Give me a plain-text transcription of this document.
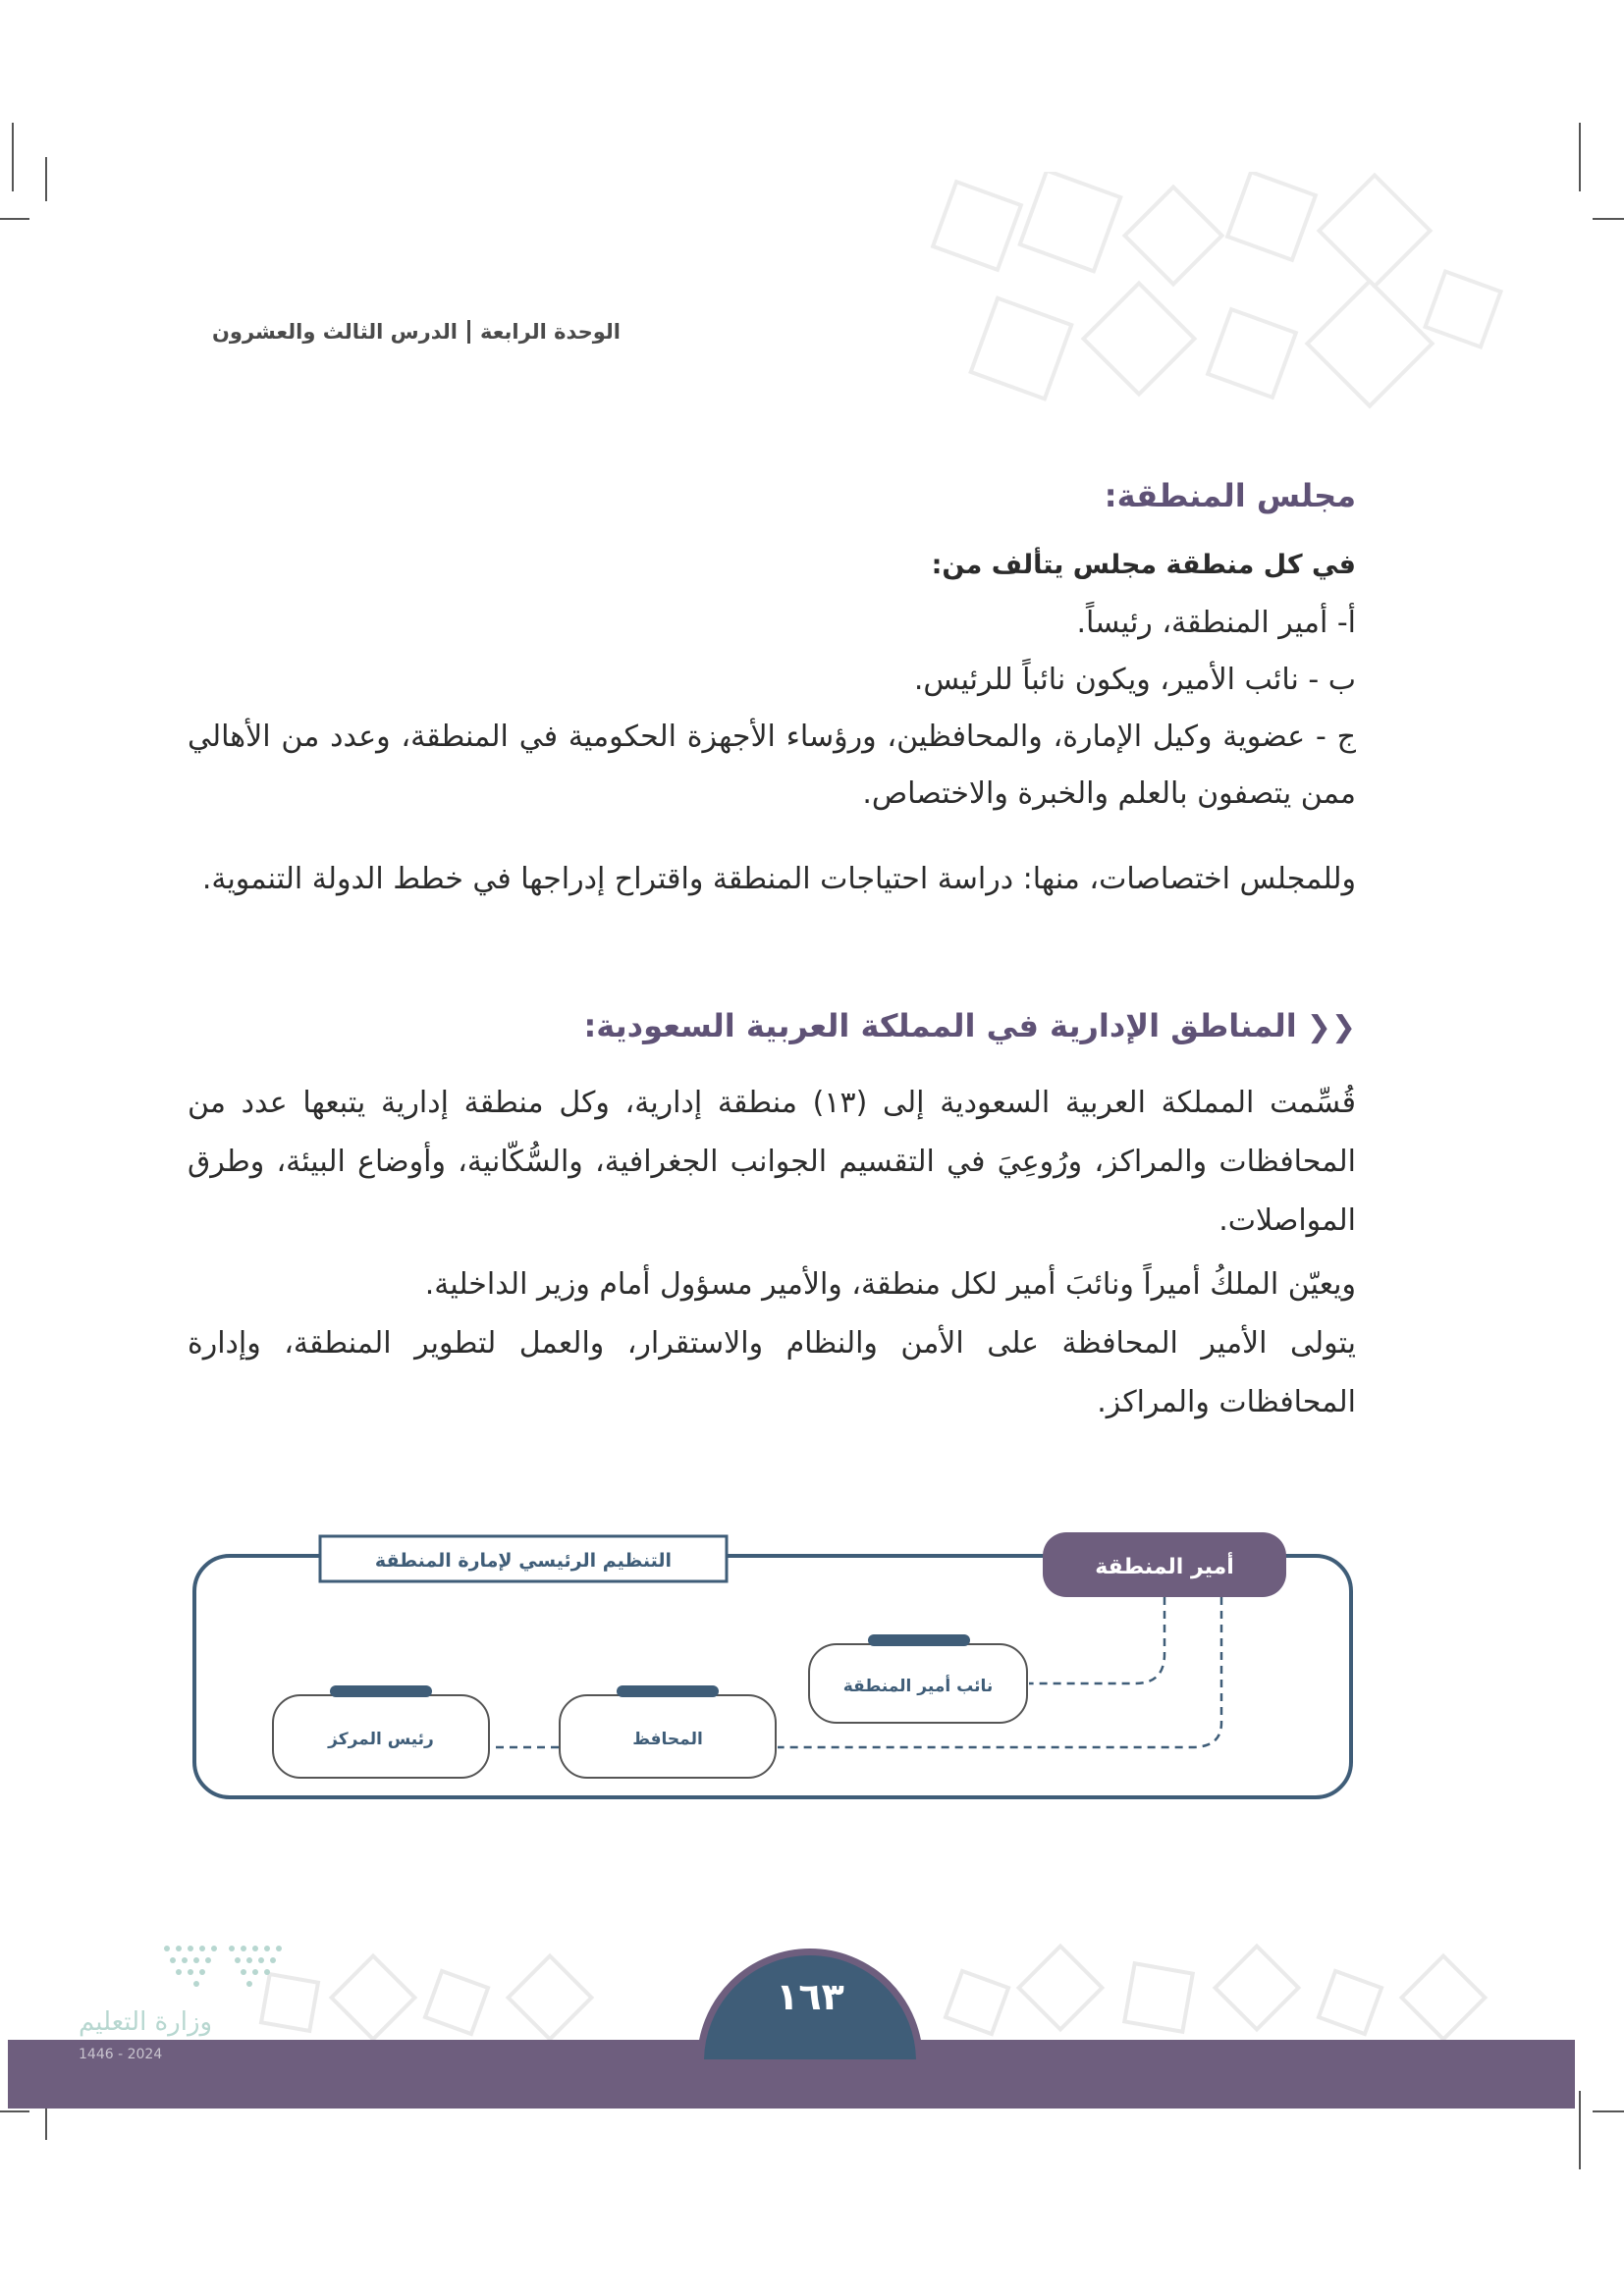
الوحدة الرابعةالدرس الثالث والعشرون
مجلس المنطقة:
في كل منطقة مجلس يتألف من:
أ- أمير المنطقة، رئيساً.
ب - نائب الأمير، ويكون نائباً للرئيس.
ج - عضوية وكيل الإمارة، والمحافظين، ورؤساء الأجهزة الحكومية في المنطقة، وعدد من الأهالي ممن يتصفون بالعلم والخبرة والاختصاص.
وللمجلس اختصاصات، منها: دراسة احتياجات المنطقة واقتراح إدراجها في خطط الدولة التنموية.
❮❮المناطق الإدارية في المملكة العربية السعودية:
قُسِّمت المملكة العربية السعودية إلى (١٣) منطقة إدارية، وكل منطقة إدارية يتبعها عدد من المحافظات والمراكز، ورُوعِيَ في التقسيم الجوانب الجغرافية، والسُّكّانية، وأوضاع البيئة، وطرق المواصلات.
ويعيّن الملكُ أميراً ونائبَ أمير لكل منطقة، والأمير مسؤول أمام وزير الداخلية.
يتولى الأمير المحافظة على الأمن والنظام والاستقرار، والعمل لتطوير المنطقة، وإدارة المحافظات والمراكز.
التنظيم الرئيسي لإمارة المنطقة	أمير المنطقة
نائب أمير المنطقة
المحافظ
رئيس المركز
١٦٣
وزارة التعليم
2024 - 1446
